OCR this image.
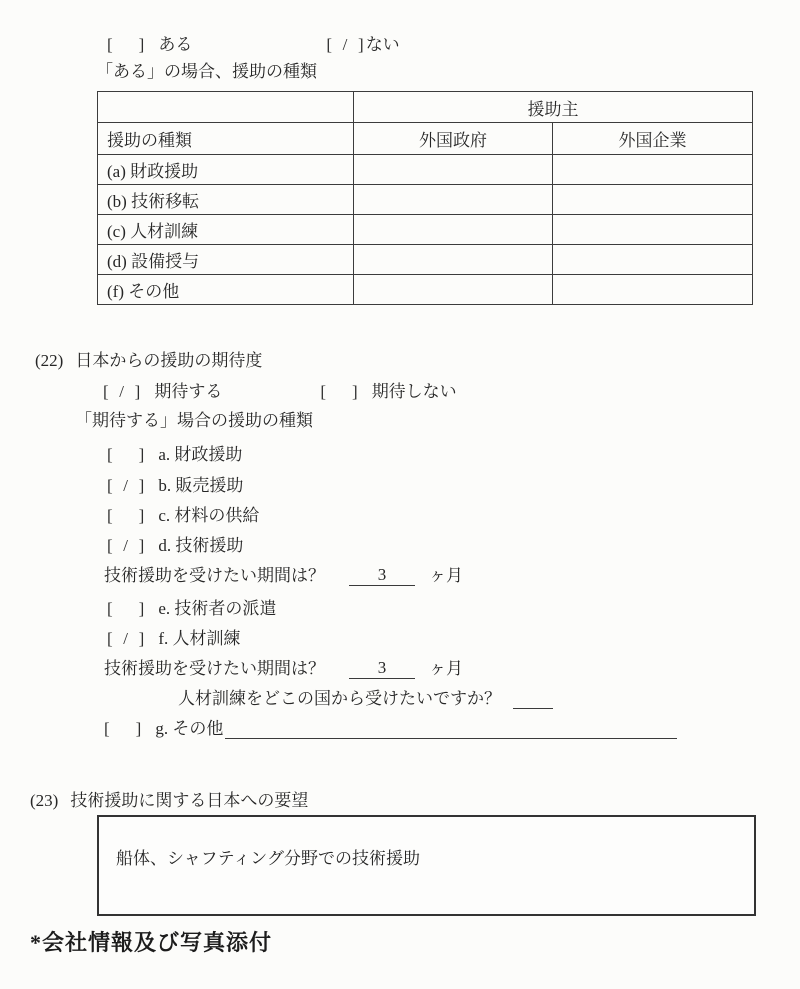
[ ] ある	[ / ] ない
「ある」の場合、援助の種類
	援助主	
援助の種類	外国政府	外国企業
(a) 財政援助		
(b) 技術移転		
(c) 人材訓練		
(d) 設備授与		
(f) その他		
(22) 日本からの援助の期待度
[ / ] 期待する	[ ] 期待しない
「期待する」場合の援助の種類
[ ] a. 財政援助
[ / ] b. 販売援助
[ ] c. 材料の供給
[ / ] d. 技術援助
技術援助を受けたい期間は？	3	ヶ月
[ ] e. 技術者の派遣
[ / ] f. 人材訓練
技術援助を受けたい期間は？	3	ヶ月
人材訓練をどこの国から受けたいですか？
[ ] g. その他
(23) 技術援助に関する日本への要望
船体、シャフティング分野での技術援助
*会社情報及び写真添付
